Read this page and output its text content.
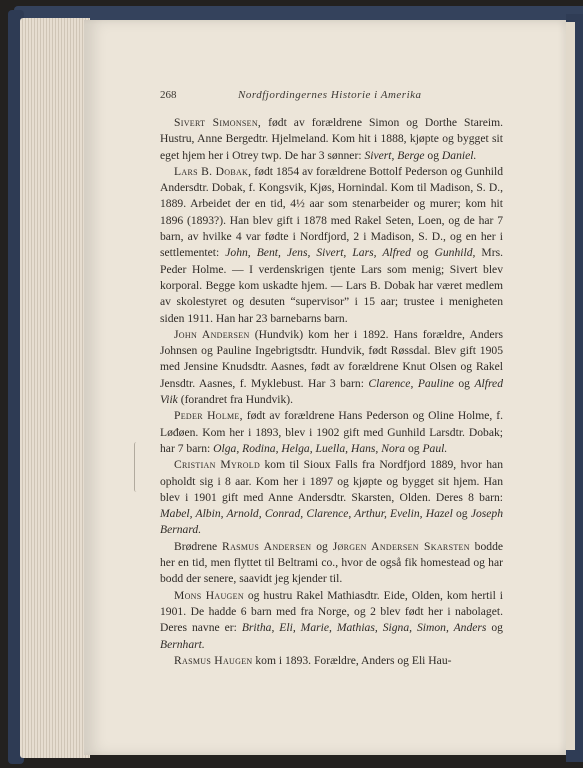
268	Nordfjordingernes Historie i Amerika

Sivert Simonsen, født av forældrene Simon og Dorthe Stareim. Hustru, Anne Bergedtr. Hjelmeland. Kom hit i 1888, kjøpte og bygget sit eget hjem her i Otrey twp. De har 3 sønner: Sivert, Berge og Daniel.

Lars B. Dobak, født 1854 av forældrene Bottolf Pederson og Gunhild Andersdtr. Dobak, f. Kongsvik, Kjøs, Hornindal. Kom til Madison, S. D., 1889. Arbeidet der en tid, 4½ aar som stenarbeider og murer; kom hit 1896 (1893?). Han blev gift i 1878 med Rakel Seten, Loen, og de har 7 barn, av hvilke 4 var fødte i Nordfjord, 2 i Madison, S. D., og en her i settlementet: John, Bent, Jens, Sivert, Lars, Alfred og Gunhild, Mrs. Peder Holme. — I verdenskrigen tjente Lars som menig; Sivert blev korporal. Begge kom uskadte hjem. — Lars B. Dobak har været medlem av skolestyret og desuten “supervisor” i 15 aar; trustee i menigheten siden 1911. Han har 23 barnebarns barn.

John Andersen (Hundvik) kom her i 1892. Hans forældre, Anders Johnsen og Pauline Ingebrigtsdtr. Hundvik, født Røssdal. Blev gift 1905 med Jensine Knudsdtr. Aasnes, født av forældrene Knut Olsen og Rakel Jensdtr. Aasnes, f. Myklebust. Har 3 barn: Clarence, Pauline og Alfred Viik (forandret fra Hundvik).

Peder Holme, født av forældrene Hans Pederson og Oline Holme, f. Løđøen. Kom her i 1893, blev i 1902 gift med Gunhild Larsdtr. Dobak; har 7 barn: Olga, Rodina, Helga, Luella, Hans, Nora og Paul.

Cristian Myrold kom til Sioux Falls fra Nordfjord 1889, hvor han opholdt sig i 8 aar. Kom her i 1897 og kjøpte og bygget sit hjem. Han blev i 1901 gift med Anne Andersdtr. Skarsten, Olden. Deres 8 barn: Mabel, Albin, Arnold, Conrad, Clarence, Arthur, Evelin, Hazel og Joseph Bernard.

Brødrene Rasmus Andersen og Jørgen Andersen Skarsten bodde her en tid, men flyttet til Beltrami co., hvor de også fik homestead og har bodd der senere, saavidt jeg kjender til.

Mons Haugen og hustru Rakel Mathiasdtr. Eide, Olden, kom hertil i 1901. De hadde 6 barn med fra Norge, og 2 blev født her i nabolaget. Deres navne er: Britha, Eli, Marie, Mathias, Signa, Simon, Anders og Bernhart.

Rasmus Haugen kom i 1893. Forældre, Anders og Eli Hau-
